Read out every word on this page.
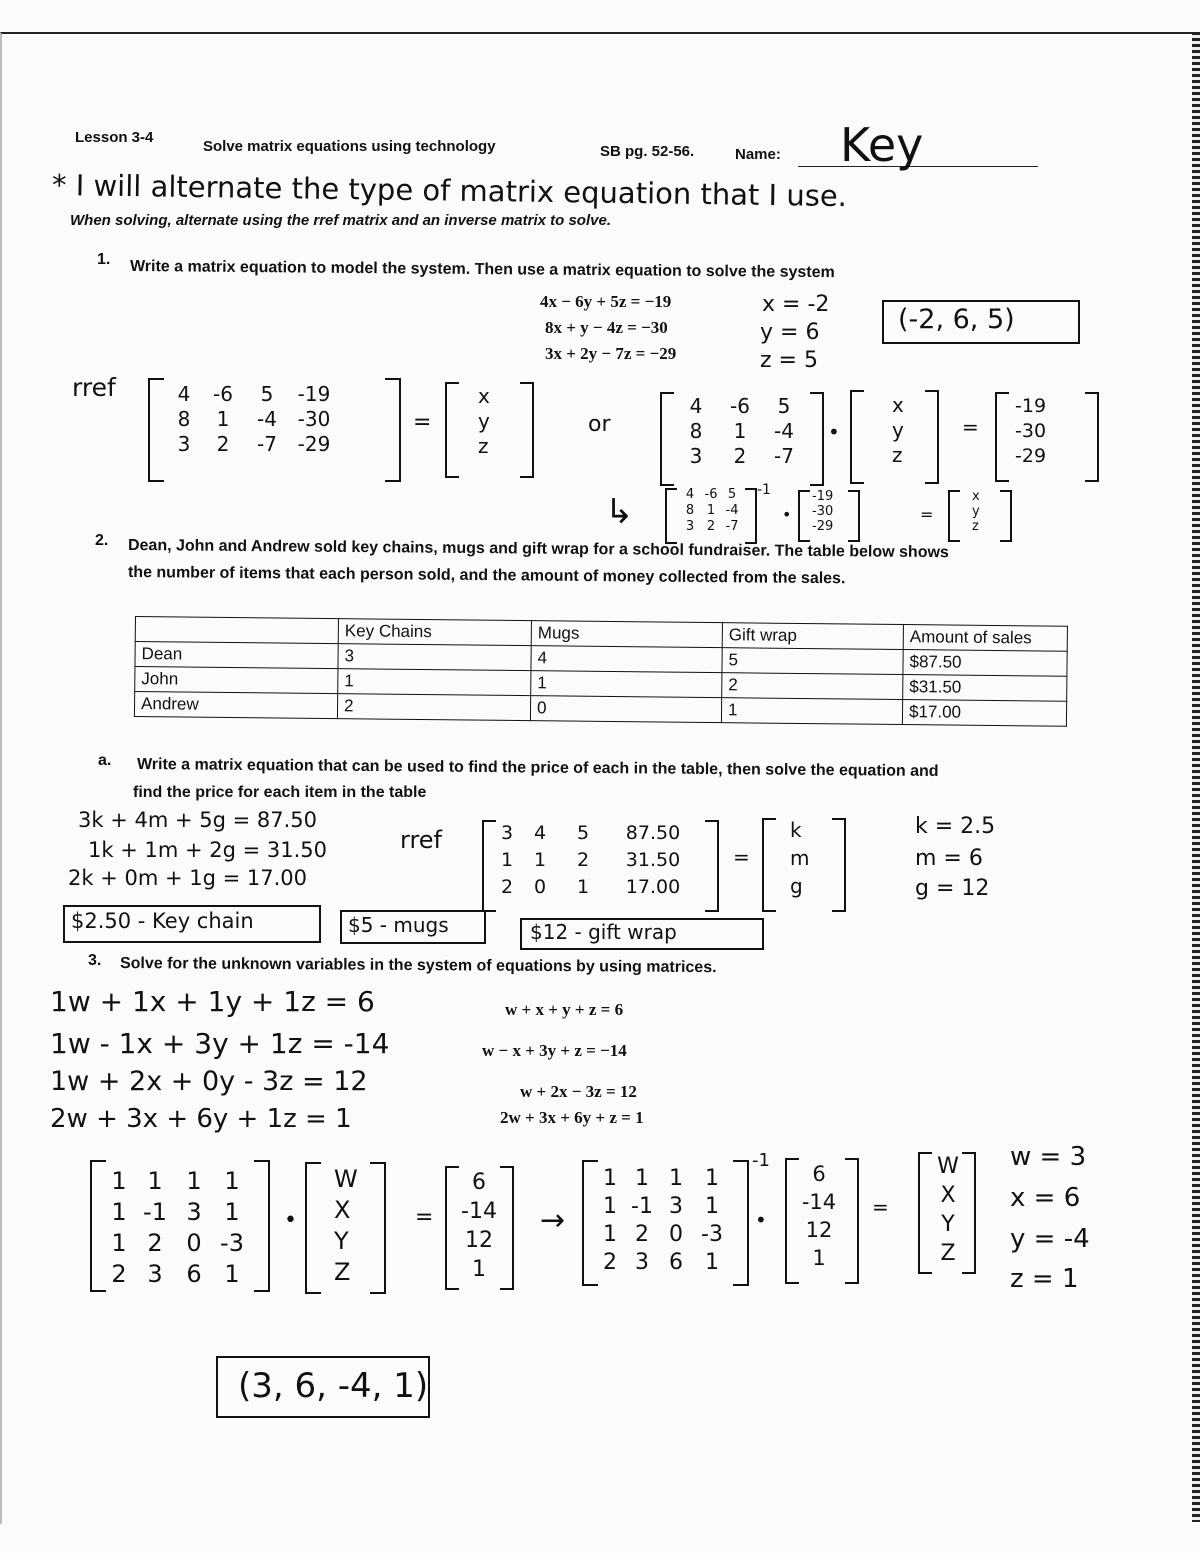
Lesson 3-4
Solve matrix equations using technology	SB pg. 52-56.	Name: Key
* I will alternate the type of matrix equation that I use.
When solving, alternate using the rref matrix and an inverse matrix to solve.
1. Write a matrix equation to model the system. Then use a matrix equation to solve the system
4x − 6y + 5z = −19
8x + y − 4z = −30
3x + 2y − 7z = −29
x = -2
y = 6
z = 5
(-2, 6, 5)
rref	4	-6	5	-19
8	1	-4	-30
3	2	-7	-29
=
x
y
z
or
4	-6	5
8	1	-4
3	2	-7
•
x
y
z
=
-19
-30
-29
↳	4 -6 5
8 1 -4
3 2 -7
-1
•
-19
-30
-29
=
x
y
z
2. Dean, John and Andrew sold key chains, mugs and gift wrap for a school fundraiser. The table below shows
the number of items that each person sold, and the amount of money collected from the sales.
	Key Chains	Mugs	Gift wrap	Amount of sales
Dean	3	4	5	$87.50
John	1	1	2	$31.50
Andrew	2	0	1	$17.00
a. Write a matrix equation that can be used to find the price of each in the table, then solve the equation and
find the price for each item in the table
3k + 4m + 5g = 87.50
1k + 1m + 2g = 31.50
2k + 0m + 1g = 17.00
rref	3	4	5	87.50
1	1	2	31.50
2	0	1	17.00
=
k
m
g
k = 2.5
m = 6
g = 12
$2.50 - Key chain	$5 - mugs	$12 - gift wrap
3. Solve for the unknown variables in the system of equations by using matrices.
1w + 1x + 1y + 1z = 6
1w - 1x + 3y + 1z = -14
1w + 2x + 0y - 3z = 12
2w + 3x + 6y + 1z = 1
w + x + y + z = 6
w − x + 3y + z = −14
w + 2x − 3z = 12
2w + 3x + 6y + z = 1
1 1 1 1
1 -1 3 1
1 2 0 -3
2 3 6 1
•
W
X
Y
Z
=
6
-14
12
1
→
1 1 1	1
1 -1 3	1
1 2 0 -3
2 3 6	1
-1
•
6
-14
12
1
=
W
X
Y
Z
w = 3
x = 6
y = -4
z = 1
(3, 6, -4, 1)
